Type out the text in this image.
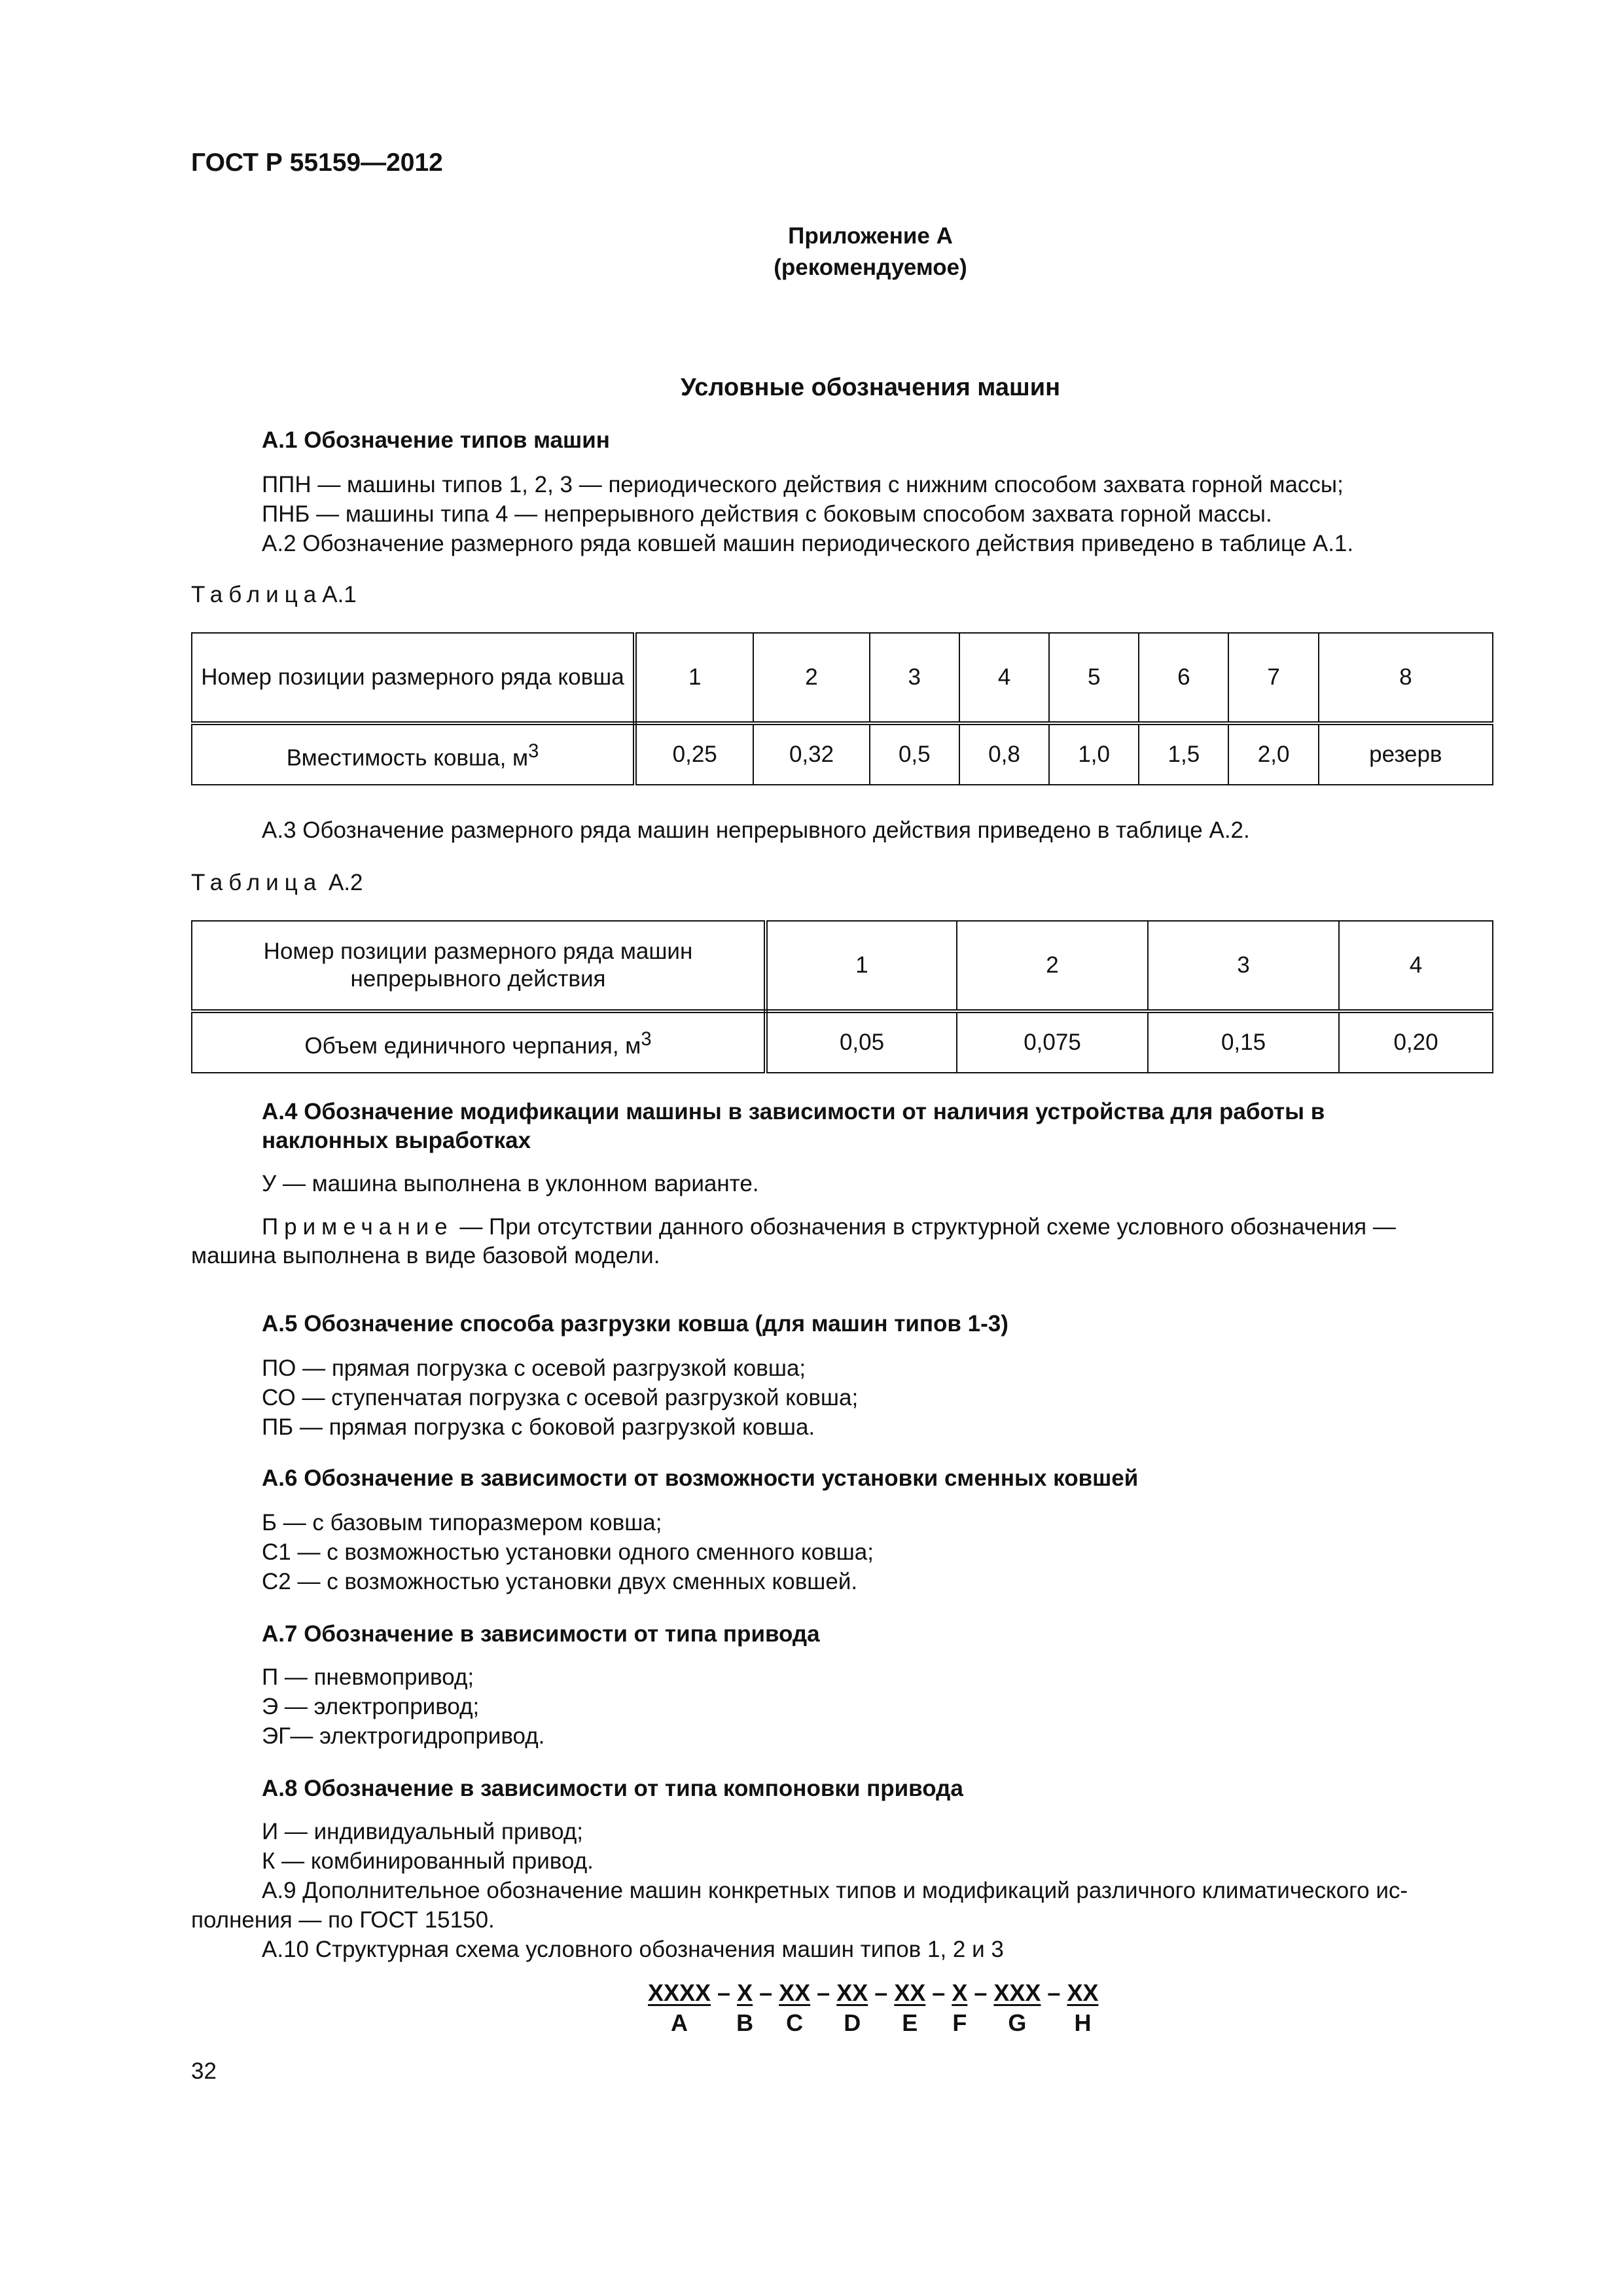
ГОСТ Р 55159—2012
Приложение А
(рекомендуемое)
Условные обозначения машин
А.1 Обозначение типов машин
ППН — машины типов 1, 2, 3 — периодического действия с нижним способом захвата горной массы;
ПНБ — машины типа 4 — непрерывного действия с боковым способом захвата горной массы.
А.2 Обозначение размерного ряда ковшей машин периодического действия приведено в таблице А.1.
ТаблицаА.1
Номер позиции размерного ряда ковша	1	2	3	4	5	6	7	8
Вместимость ковша, $м^3$	0,25	0,32	0,5	0,8	1,0	1,5	2,0	резерв
А.3 Обозначение размерного ряда машин непрерывного действия приведено в таблице А.2.
Таблица А.2
Номер позиции размерного ряда машин непрерывного действия	1	2	3	4
Объем единичного черпания, $м^3$	0,05	0,075	0,15	0,20
А.4 Обозначение модификации машины в зависимости от наличия устройства для работы в
наклонных выработках
У — машина выполнена в уклонном варианте.
Примечание — При отсутствии данного обозначения в структурной схеме условного обозначения —
машина выполнена в виде базовой модели.
А.5 Обозначение способа разгрузки ковша (для машин типов 1-3)
ПО — прямая погрузка с осевой разгрузкой ковша;
СО — ступенчатая погрузка с осевой разгрузкой ковша;
ПБ — прямая погрузка с боковой разгрузкой ковша.
А.6 Обозначение в зависимости от возможности установки сменных ковшей
Б — с базовым типоразмером ковша;
С1 — с возможностью установки одного сменного ковша;
С2 — с возможностью установки двух сменных ковшей.
А.7 Обозначение в зависимости от типа привода
П — пневмопривод;
Э — электропривод;
ЭГ— электрогидропривод.
А.8 Обозначение в зависимости от типа компоновки привода
И — индивидуальный привод;
К — комбинированный привод.
А.9 Дополнительное обозначение машин конкретных типов и модификаций различного климатического ис-
полнения — по ГОСТ 15150.
А.10 Структурная схема условного обозначения машин типов 1, 2 и 3
XXXX – X – XX – XX – XX – X – XXX – XX
A B C D E F G H
32
